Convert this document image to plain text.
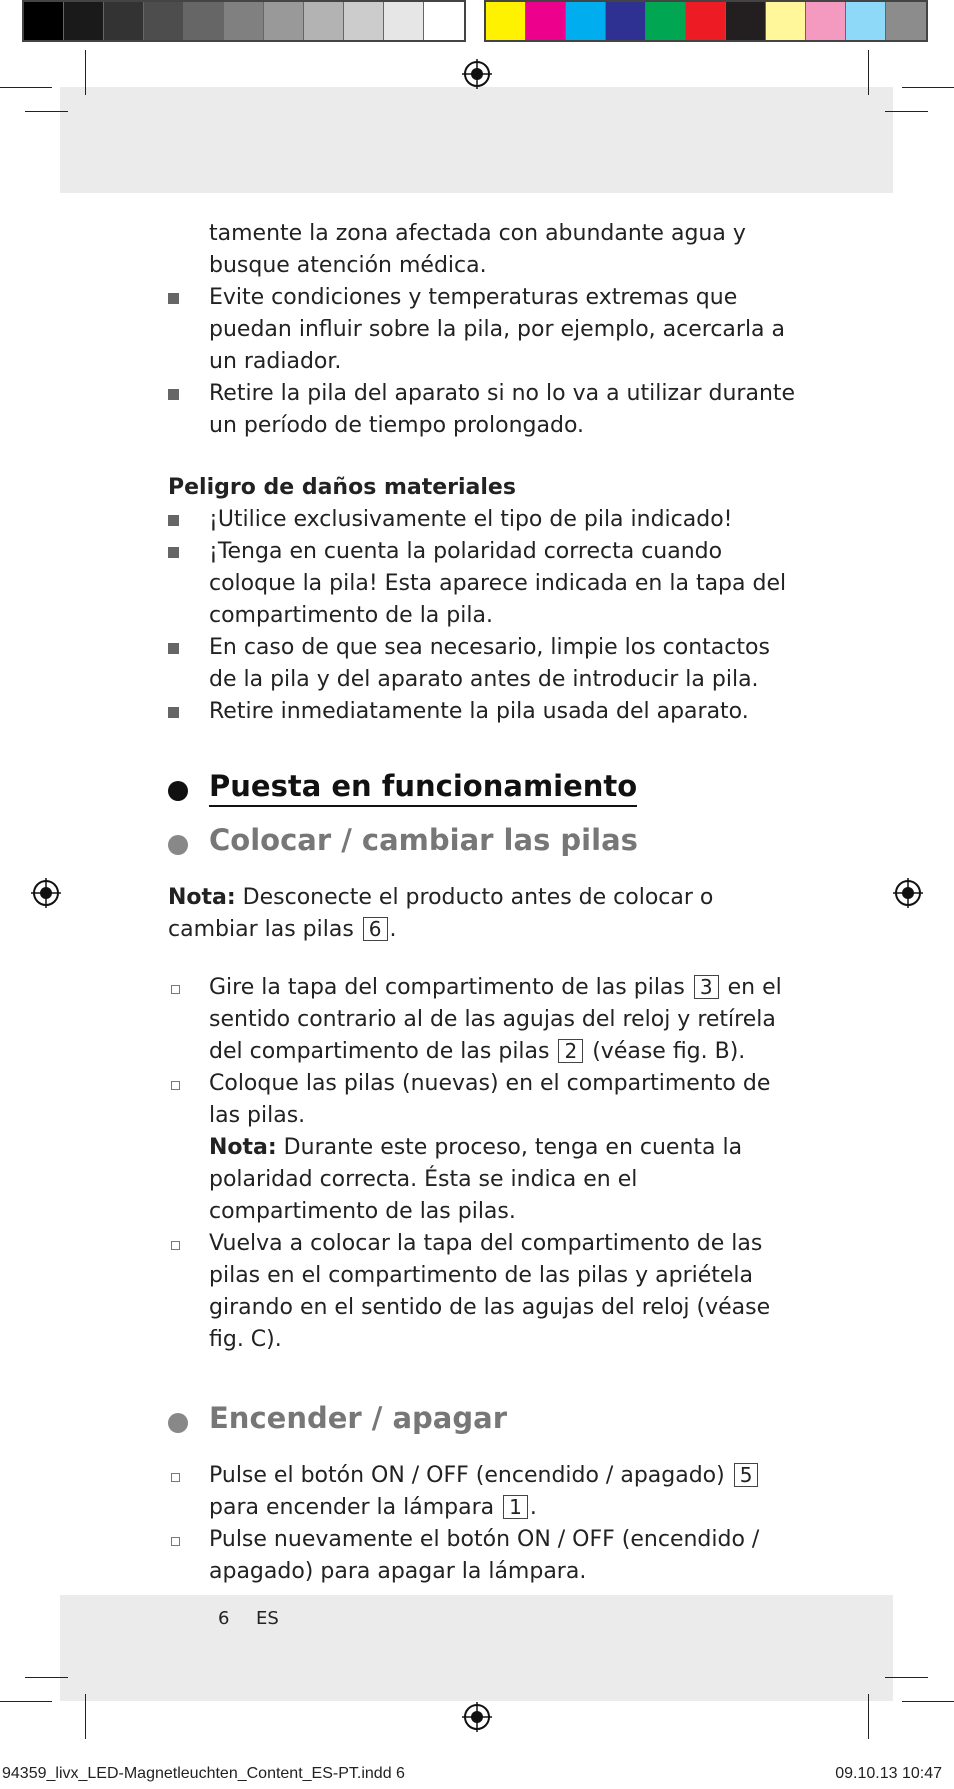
tamente la zona afectada con abundante agua y busque atención médica.

Evite condiciones y temperaturas extremas que puedan influir sobre la pila, por ejemplo, acercarla a un radiador.
Retire la pila del aparato si no lo va a utilizar durante un período de tiempo prolongado.

Peligro de daños materiales

¡Utilice exclusivamente el tipo de pila indicado!
¡Tenga en cuenta la polaridad correcta cuando coloque la pila! Esta aparece indicada en la tapa del compartimento de la pila.
En caso de que sea necesario, limpie los contactos de la pila y del aparato antes de introducir la pila.
Retire inmediatamente la pila usada del aparato.
Puesta en funcionamiento
Colocar / cambiar las pilas

Nota: Desconecte el producto antes de colocar o cambiar las pilas 6 .

Gire la tapa del compartimento de las pilas 3 en el sentido contrario al de las agujas del reloj y retírela del compartimento de las pilas 2 (véase fig. B).
Coloque las pilas (nuevas) en el compartimento de las pilas.
Nota: Durante este proceso, tenga en cuenta la polaridad correcta. Ésta se indica en el compartimento de las pilas.
Vuelva a colocar la tapa del compartimento de las pilas en el compartimento de las pilas y apriétela girando en el sentido de las agujas del reloj (véase fig. C).
Encender / apagar
Pulse el botón ON / OFF (encendido / apagado) 5 para encender la lámpara 1 .
Pulse nuevamente el botón ON / OFF (encendido / apagado) para apagar la lámpara.
6 ES
94359_livx_LED-Magnetleuchten_Content_ES-PT.indd 6	09.10.13 10:47
